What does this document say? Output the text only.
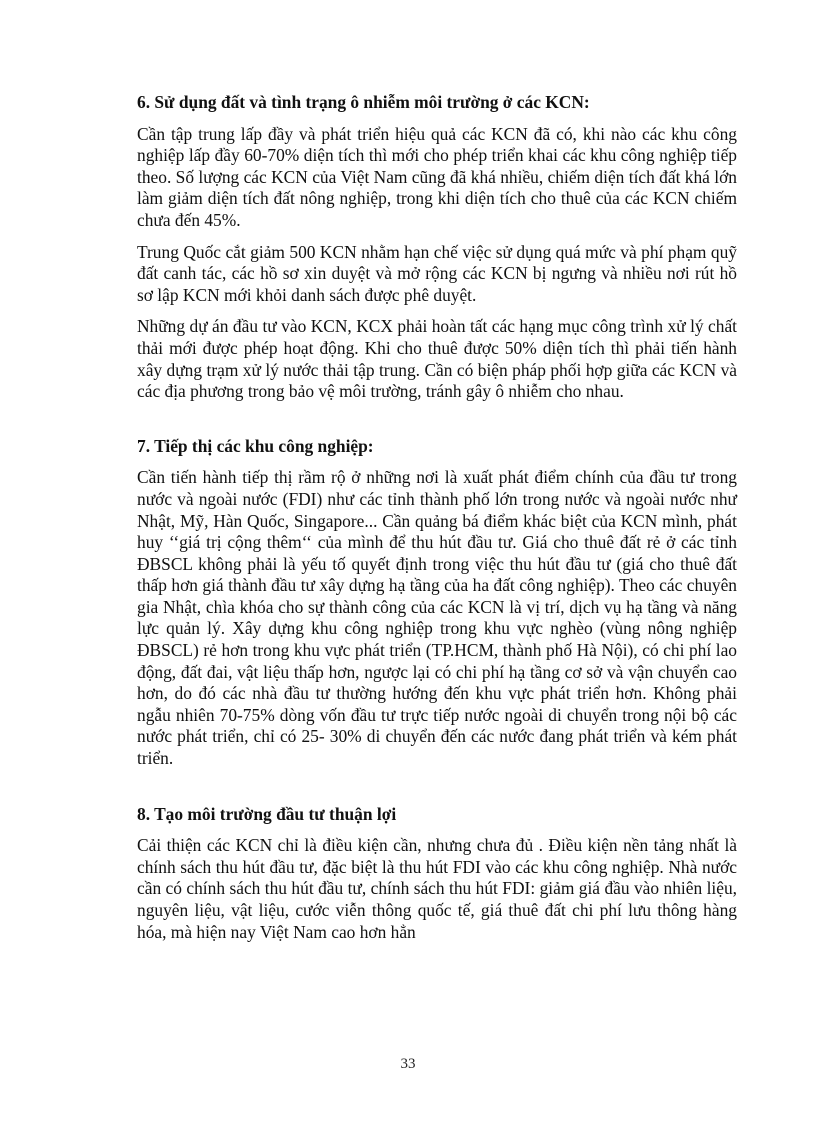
6. Sử dụng đất và tình trạng ô nhiễm môi trường ở các KCN:

Cần tập trung lấp đầy và phát triển hiệu quả các KCN đã có, khi nào các khu công nghiệp lấp đầy 60-70% diện tích thì mới cho phép triển khai các khu công nghiệp tiếp theo. Số lượng các KCN của Việt Nam cũng đã khá nhiều, chiếm diện tích đất khá lớn làm giảm diện tích đất nông nghiệp, trong khi diện tích cho thuê của các KCN chiếm chưa đến 45%.

Trung Quốc cắt giảm 500 KCN nhằm hạn chế việc sử dụng quá mức và phí phạm quỹ đất canh tác, các hồ sơ xin duyệt và mở rộng các KCN bị ngưng và nhiều nơi rút hồ sơ lập KCN mới khỏi danh sách được phê duyệt.

Những dự án đầu tư vào KCN, KCX phải hoàn tất các hạng mục công trình xử lý chất thải mới được phép hoạt động. Khi cho thuê được 50% diện tích thì phải tiến hành xây dựng trạm xử lý nước thải tập trung. Cần có biện pháp phối hợp giữa các KCN và các địa phương trong bảo vệ môi trường, tránh gây ô nhiễm cho nhau.

7. Tiếp thị các khu công nghiệp:

Cần tiến hành tiếp thị rầm rộ ở những nơi là xuất phát điểm chính của đầu tư trong nước và ngoài nước (FDI) như các tỉnh thành phố lớn trong nước và ngoài nước như Nhật, Mỹ, Hàn Quốc, Singapore... Cần quảng bá điểm khác biệt của KCN mình, phát huy ‘‘giá trị cộng thêm‘‘ của mình để thu hút đầu tư. Giá cho thuê đất rẻ ở các tỉnh ĐBSCL không phải là yếu tố quyết định trong việc thu hút đầu tư (giá cho thuê đất thấp hơn giá thành đầu tư xây dựng hạ tầng của ha đất công nghiệp). Theo các chuyên gia Nhật, chìa khóa cho sự thành công của các KCN là vị trí, dịch vụ hạ tầng và năng lực quản lý. Xây dựng khu công nghiệp trong khu vực nghèo (vùng nông nghiệp ĐBSCL) rẻ hơn trong khu vực phát triển (TP.HCM, thành phố Hà Nội), có chi phí lao động, đất đai, vật liệu thấp hơn, ngược lại có chi phí hạ tầng cơ sở và vận chuyển cao hơn, do đó các nhà đầu tư thường hướng đến khu vực phát triển hơn. Không phải ngẫu nhiên 70-75% dòng vốn đầu tư trực tiếp nước ngoài di chuyển trong nội bộ các nước phát triển, chỉ có 25- 30% di chuyển đến các nước đang phát triển và kém phát triển.

8. Tạo môi trường đầu tư thuận lợi

Cải thiện các KCN chỉ là điều kiện cần, nhưng chưa đủ . Điều kiện nền tảng nhất là chính sách thu hút đầu tư, đặc biệt là thu hút FDI vào các khu công nghiệp. Nhà nước cần có chính sách thu hút đầu tư, chính sách thu hút FDI: giảm giá đầu vào nhiên liệu, nguyên liệu, vật liệu, cước viễn thông quốc tế, giá thuê đất chi phí lưu thông hàng hóa, mà hiện nay Việt Nam cao hơn hẳn

33
